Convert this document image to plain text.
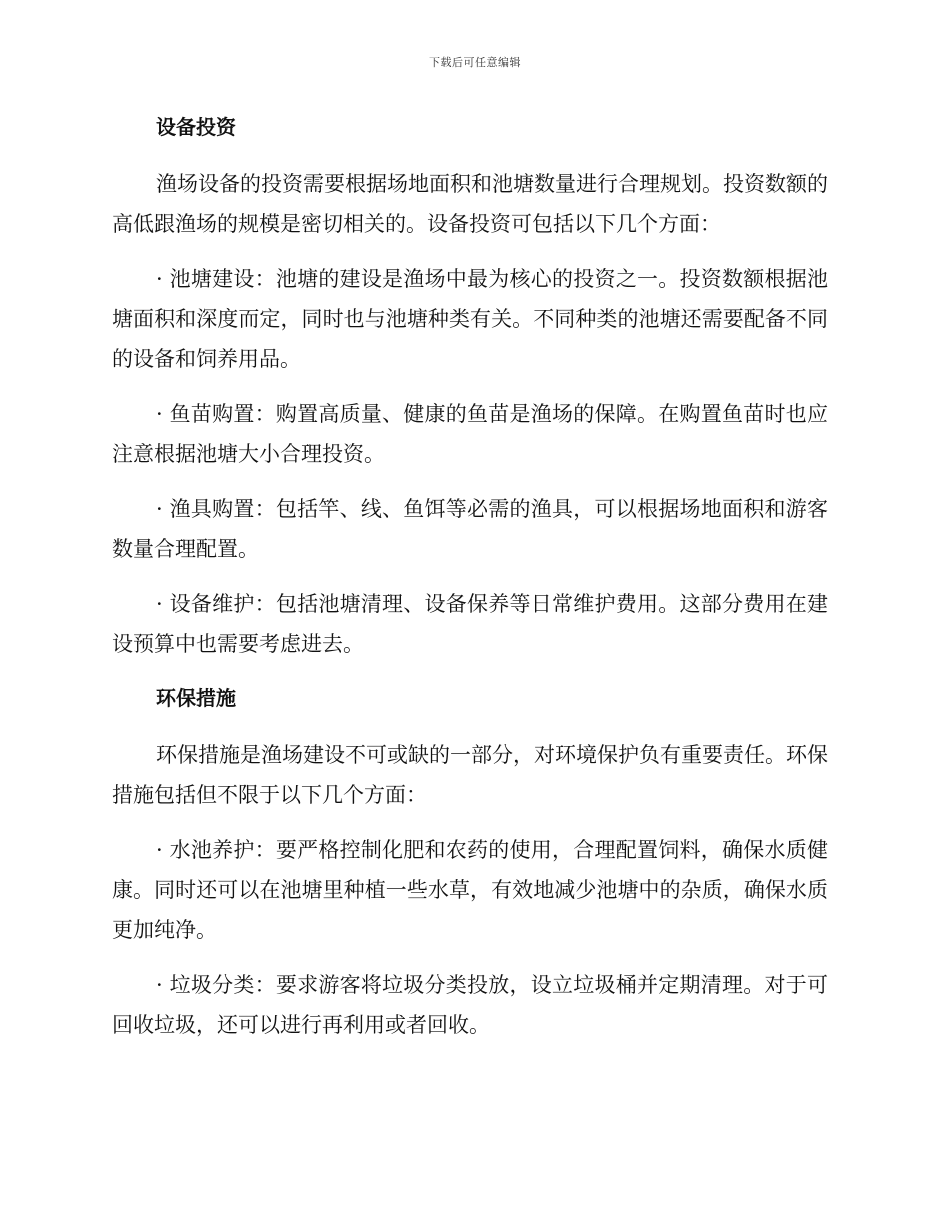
下载后可任意编辑
设备投资

渔场设备的投资需要根据场地面积和池塘数量进行合理规划。投资数额的高低跟渔场的规模是密切相关的。设备投资可包括以下几个方面：

· 池塘建设：池塘的建设是渔场中最为核心的投资之一。投资数额根据池塘面积和深度而定，同时也与池塘种类有关。不同种类的池塘还需要配备不同的设备和饲养用品。

· 鱼苗购置：购置高质量、健康的鱼苗是渔场的保障。在购置鱼苗时也应注意根据池塘大小合理投资。

· 渔具购置：包括竿、线、鱼饵等必需的渔具，可以根据场地面积和游客数量合理配置。

· 设备维护：包括池塘清理、设备保养等日常维护费用。这部分费用在建设预算中也需要考虑进去。

环保措施

环保措施是渔场建设不可或缺的一部分，对环境保护负有重要责任。环保措施包括但不限于以下几个方面：

· 水池养护：要严格控制化肥和农药的使用，合理配置饲料，确保水质健康。同时还可以在池塘里种植一些水草，有效地减少池塘中的杂质，确保水质更加纯净。

· 垃圾分类：要求游客将垃圾分类投放，设立垃圾桶并定期清理。对于可回收垃圾，还可以进行再利用或者回收。
